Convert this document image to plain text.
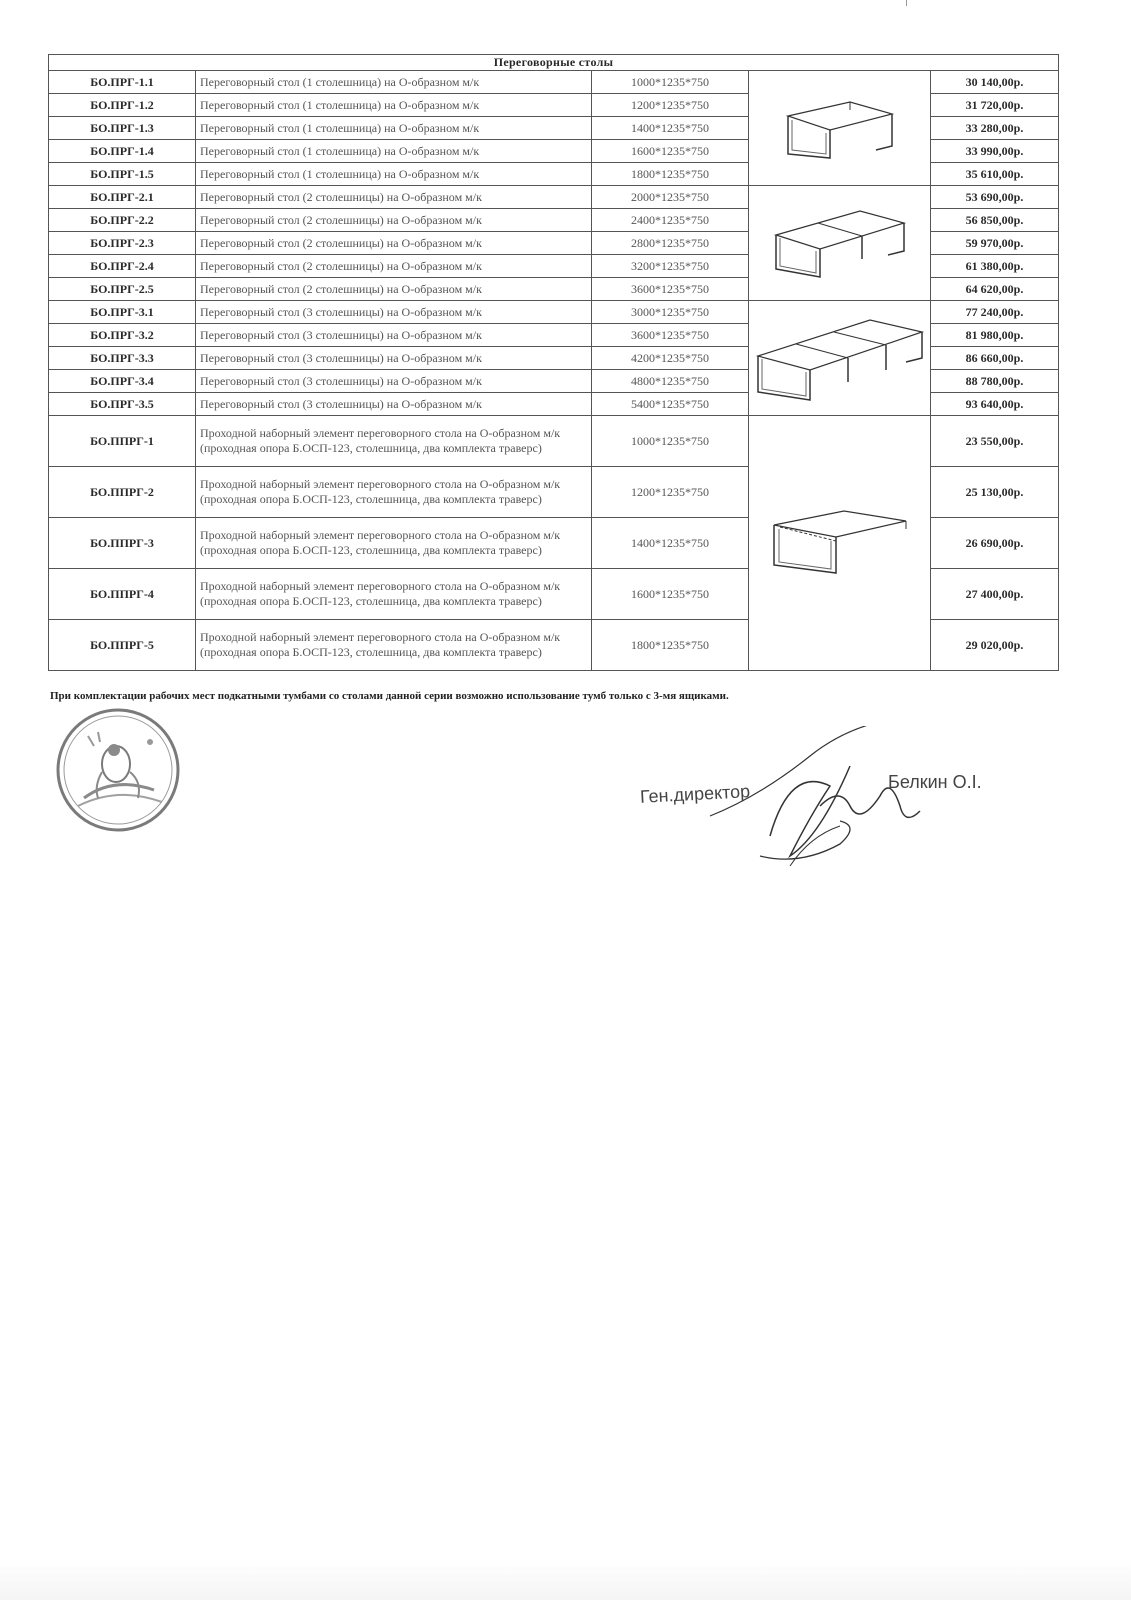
Переговорные столы				
БО.ПРГ-1.1	Переговорный стол (1 столешница) на О-образном м/к	1000*1235*750		30 140,00р.
БО.ПРГ-1.2	Переговорный стол (1 столешница) на О-образном м/к	1200*1235*750		31 720,00р.
БО.ПРГ-1.3	Переговорный стол (1 столешница) на О-образном м/к	1400*1235*750		33 280,00р.
БО.ПРГ-1.4	Переговорный стол (1 столешница) на О-образном м/к	1600*1235*750		33 990,00р.
БО.ПРГ-1.5	Переговорный стол (1 столешница) на О-образном м/к	1800*1235*750		35 610,00р.
БО.ПРГ-2.1	Переговорный стол (2 столешницы) на О-образном м/к	2000*1235*750		53 690,00р.
БО.ПРГ-2.2	Переговорный стол (2 столешницы) на О-образном м/к	2400*1235*750		56 850,00р.
БО.ПРГ-2.3	Переговорный стол (2 столешницы) на О-образном м/к	2800*1235*750		59 970,00р.
БО.ПРГ-2.4	Переговорный стол (2 столешницы) на О-образном м/к	3200*1235*750		61 380,00р.
БО.ПРГ-2.5	Переговорный стол (2 столешницы) на О-образном м/к	3600*1235*750		64 620,00р.
БО.ПРГ-3.1	Переговорный стол (3 столешницы) на О-образном м/к	3000*1235*750		77 240,00р.
БО.ПРГ-3.2	Переговорный стол (3 столешницы) на О-образном м/к	3600*1235*750		81 980,00р.
БО.ПРГ-3.3	Переговорный стол (3 столешницы) на О-образном м/к	4200*1235*750		86 660,00р.
БО.ПРГ-3.4	Переговорный стол (3 столешницы) на О-образном м/к	4800*1235*750		88 780,00р.
БО.ПРГ-3.5	Переговорный стол (3 столешницы) на О-образном м/к	5400*1235*750		93 640,00р.
БО.ППРГ-1	Проходной наборный элемент переговорного стола на О-образном м/к (проходная опора Б.ОСП-123, столешница, два комплекта траверс)	1000*1235*750		23 550,00р.
БО.ППРГ-2	Проходной наборный элемент переговорного стола на О-образном м/к (проходная опора Б.ОСП-123, столешница, два комплекта траверс)	1200*1235*750		25 130,00р.
БО.ППРГ-3	Проходной наборный элемент переговорного стола на О-образном м/к (проходная опора Б.ОСП-123, столешница, два комплекта траверс)	1400*1235*750		26 690,00р.
БО.ППРГ-4	Проходной наборный элемент переговорного стола на О-образном м/к (проходная опора Б.ОСП-123, столешница, два комплекта траверс)	1600*1235*750		27 400,00р.
БО.ППРГ-5	Проходной наборный элемент переговорного стола на О-образном м/к (проходная опора Б.ОСП-123, столешница, два комплекта траверс)	1800*1235*750		29 020,00р.
При комплектации рабочих мест подкатными тумбами со столами данной серии возможно использование тумб только с 3-мя ящиками.
Ген.директор	Белкин О.І.
